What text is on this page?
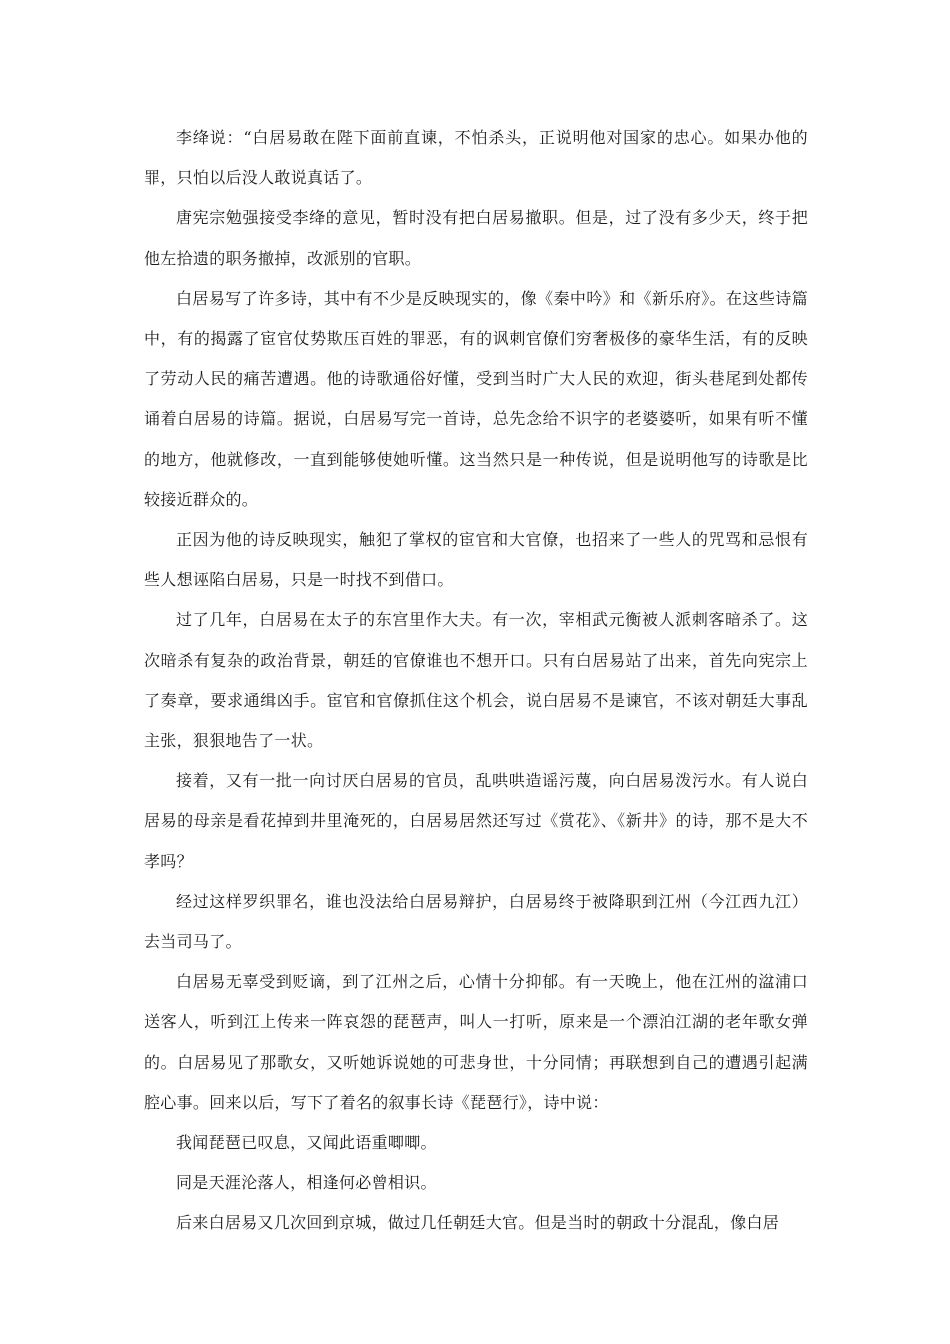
李绛说：“白居易敢在陛下面前直谏，不怕杀头，正说明他对国家的忠心。如果办他的罪，只怕以后没人敢说真话了。

唐宪宗勉强接受李绛的意见，暂时没有把白居易撤职。但是，过了没有多少天，终于把他左拾遗的职务撤掉，改派别的官职。

白居易写了许多诗，其中有不少是反映现实的，像《秦中吟》和《新乐府》。在这些诗篇中，有的揭露了宦官仗势欺压百姓的罪恶，有的讽刺官僚们穷奢极侈的豪华生活，有的反映了劳动人民的痛苦遭遇。他的诗歌通俗好懂，受到当时广大人民的欢迎，街头巷尾到处都传诵着白居易的诗篇。据说，白居易写完一首诗，总先念给不识字的老婆婆听，如果有听不懂的地方，他就修改，一直到能够使她听懂。这当然只是一种传说，但是说明他写的诗歌是比较接近群众的。

正因为他的诗反映现实，触犯了掌权的宦官和大官僚，也招来了一些人的咒骂和忌恨有些人想诬陷白居易，只是一时找不到借口。

过了几年，白居易在太子的东宫里作大夫。有一次，宰相武元衡被人派刺客暗杀了。这次暗杀有复杂的政治背景，朝廷的官僚谁也不想开口。只有白居易站了出来，首先向宪宗上了奏章，要求通缉凶手。宦官和官僚抓住这个机会，说白居易不是谏官，不该对朝廷大事乱主张，狠狠地告了一状。

接着，又有一批一向讨厌白居易的官员，乱哄哄造谣污蔑，向白居易泼污水。有人说白居易的母亲是看花掉到井里淹死的，白居易居然还写过《赏花》、《新井》的诗，那不是大不孝吗？

经过这样罗织罪名，谁也没法给白居易辩护，白居易终于被降职到江州（今江西九江）去当司马了。

白居易无辜受到贬谪，到了江州之后，心情十分抑郁。有一天晚上，他在江州的湓浦口送客人，听到江上传来一阵哀怨的琵琶声，叫人一打听，原来是一个漂泊江湖的老年歌女弹的。白居易见了那歌女，又听她诉说她的可悲身世，十分同情；再联想到自己的遭遇引起满腔心事。回来以后，写下了着名的叙事长诗《琵琶行》，诗中说：

我闻琵琶已叹息，又闻此语重唧唧。

同是天涯沦落人，相逢何必曾相识。

后来白居易又几次回到京城，做过几任朝廷大官。但是当时的朝政十分混乱，像白居
